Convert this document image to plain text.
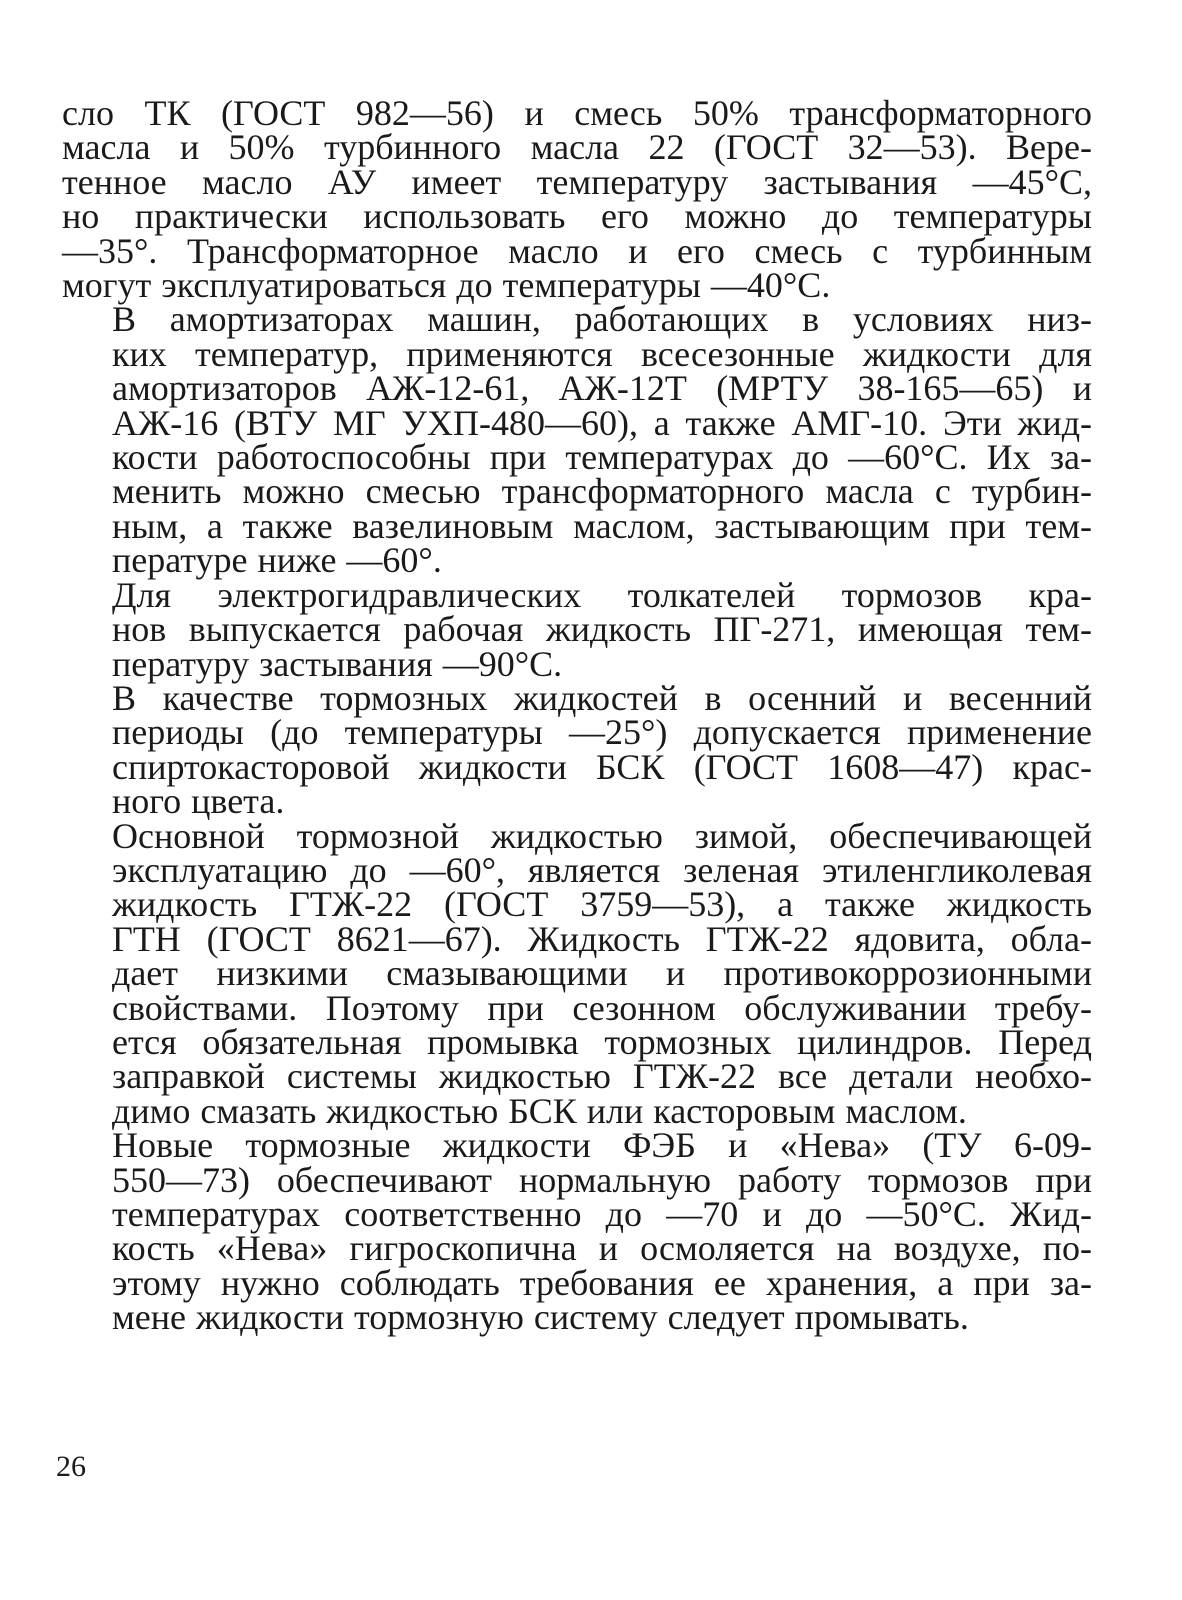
сло ТК (ГОСТ 982—56) и смесь 50% трансформаторного
масла и 50% турбинного масла 22 (ГОСТ 32—53). Вере-
тенное масло АУ имеет температуру застывания —45°С,
но практически использовать его можно до температуры
—35°. Трансформаторное масло и его смесь с турбинным
могут эксплуатироваться до температуры —40°С.

В амортизаторах машин, работающих в условиях низ-
ких температур, применяются всесезонные жидкости для
амортизаторов АЖ-12-61, АЖ-12Т (МРТУ 38-165—65) и
АЖ-16 (ВТУ МГ УХП-480—60), а также АМГ-10. Эти жид-
кости работоспособны при температурах до —60°С. Их за-
менить можно смесью трансформаторного масла с турбин-
ным, а также вазелиновым маслом, застывающим при тем-
пературе ниже —60°.

Для электрогидравлических толкателей тормозов кра-
нов выпускается рабочая жидкость ПГ-271, имеющая тем-
пературу застывания —90°С.

В качестве тормозных жидкостей в осенний и весенний
периоды (до температуры —25°) допускается применение
спиртокасторовой жидкости БСК (ГОСТ 1608—47) крас-
ного цвета.

Основной тормозной жидкостью зимой, обеспечивающей
эксплуатацию до —60°, является зеленая этиленгликолевая
жидкость ГТЖ-22 (ГОСТ 3759—53), а также жидкость
ГТН (ГОСТ 8621—67). Жидкость ГТЖ-22 ядовита, обла-
дает низкими смазывающими и противокоррозионными
свойствами. Поэтому при сезонном обслуживании требу-
ется обязательная промывка тормозных цилиндров. Перед
заправкой системы жидкостью ГТЖ-22 все детали необхо-
димо смазать жидкостью БСК или касторовым маслом.

Новые тормозные жидкости ФЭБ и «Нева» (ТУ 6-09-
550—73) обеспечивают нормальную работу тормозов при
температурах соответственно до —70 и до —50°С. Жид-
кость «Нева» гигроскопична и осмоляется на воздухе, по-
этому нужно соблюдать требования ее хранения, а при за-
мене жидкости тормозную систему следует промывать.

26
